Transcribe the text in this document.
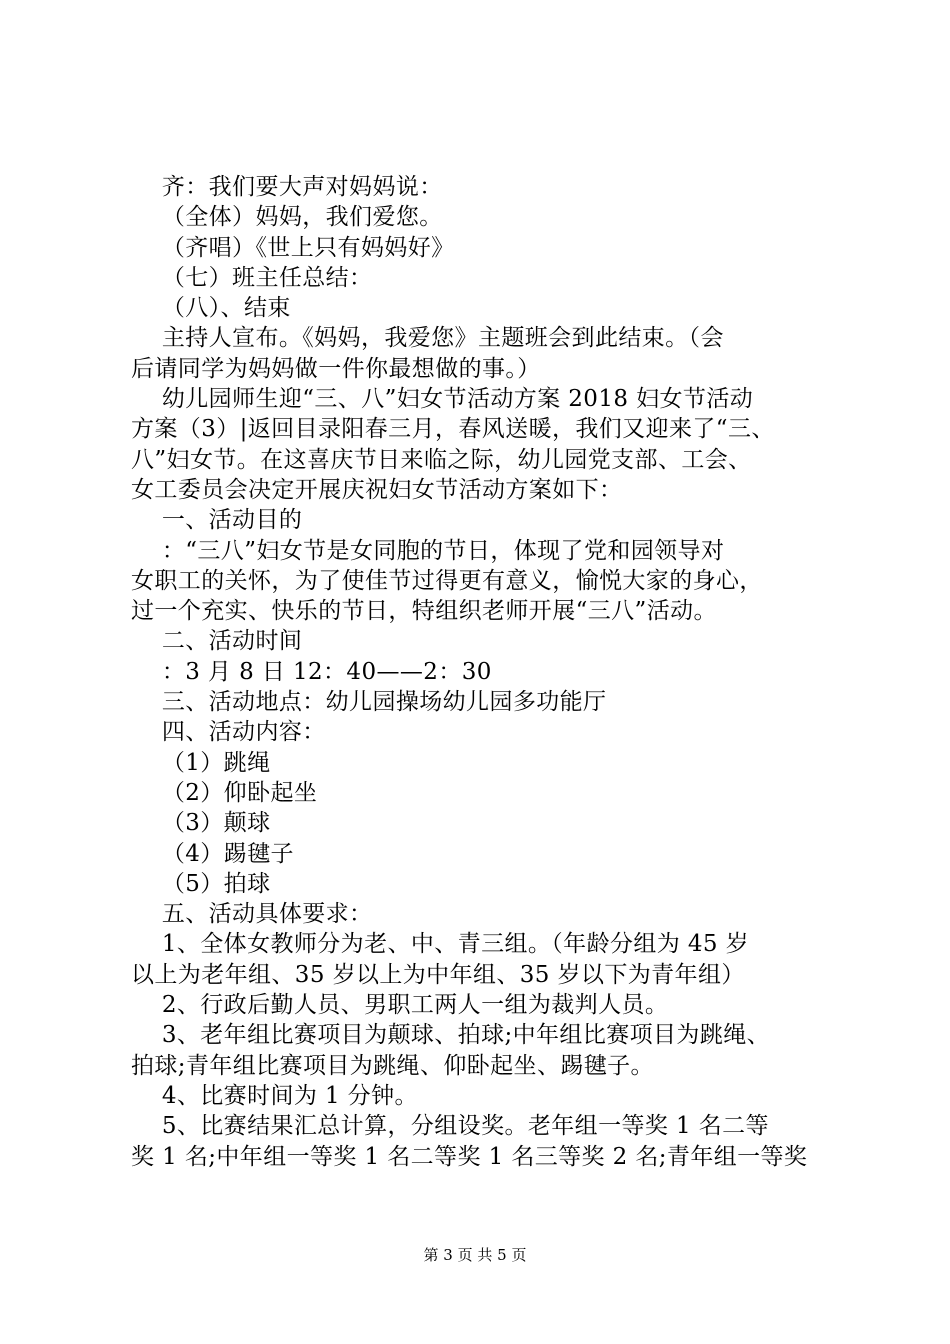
齐：我们要大声对妈妈说：
（全体）妈妈，我们爱您。
（齐唱）《世上只有妈妈好》
（七）班主任总结：
（八）、结束
主持人宣布。《妈妈，我爱您》主题班会到此结束。（会
后请同学为妈妈做一件你最想做的事。）
幼儿园师生迎“三、八”妇女节活动方案 2018 妇女节活动
方案（3）|返回目录阳春三月，春风送暖，我们又迎来了“三、
八”妇女节。在这喜庆节日来临之际，幼儿园党支部、工会、
女工委员会决定开展庆祝妇女节活动方案如下：
一、活动目的
：“三八”妇女节是女同胞的节日，体现了党和园领导对
女职工的关怀，为了使佳节过得更有意义，愉悦大家的身心，
过一个充实、快乐的节日，特组织老师开展“三八”活动。
二、活动时间
：3 月 8 日 12：40——2：30
三、活动地点：幼儿园操场幼儿园多功能厅
四、活动内容：
（1）跳绳
（2）仰卧起坐
（3）颠球
（4）踢毽子
（5）拍球
五、活动具体要求：
1、全体女教师分为老、中、青三组。（年龄分组为 45 岁
以上为老年组、35 岁以上为中年组、35 岁以下为青年组）
2、行政后勤人员、男职工两人一组为裁判人员。
3、老年组比赛项目为颠球、拍球;中年组比赛项目为跳绳、
拍球;青年组比赛项目为跳绳、仰卧起坐、踢毽子。
4、比赛时间为 1 分钟。
5、比赛结果汇总计算，分组设奖。老年组一等奖 1 名二等
奖 1 名;中年组一等奖 1 名二等奖 1 名三等奖 2 名;青年组一等奖
第 3 页 共 5 页
